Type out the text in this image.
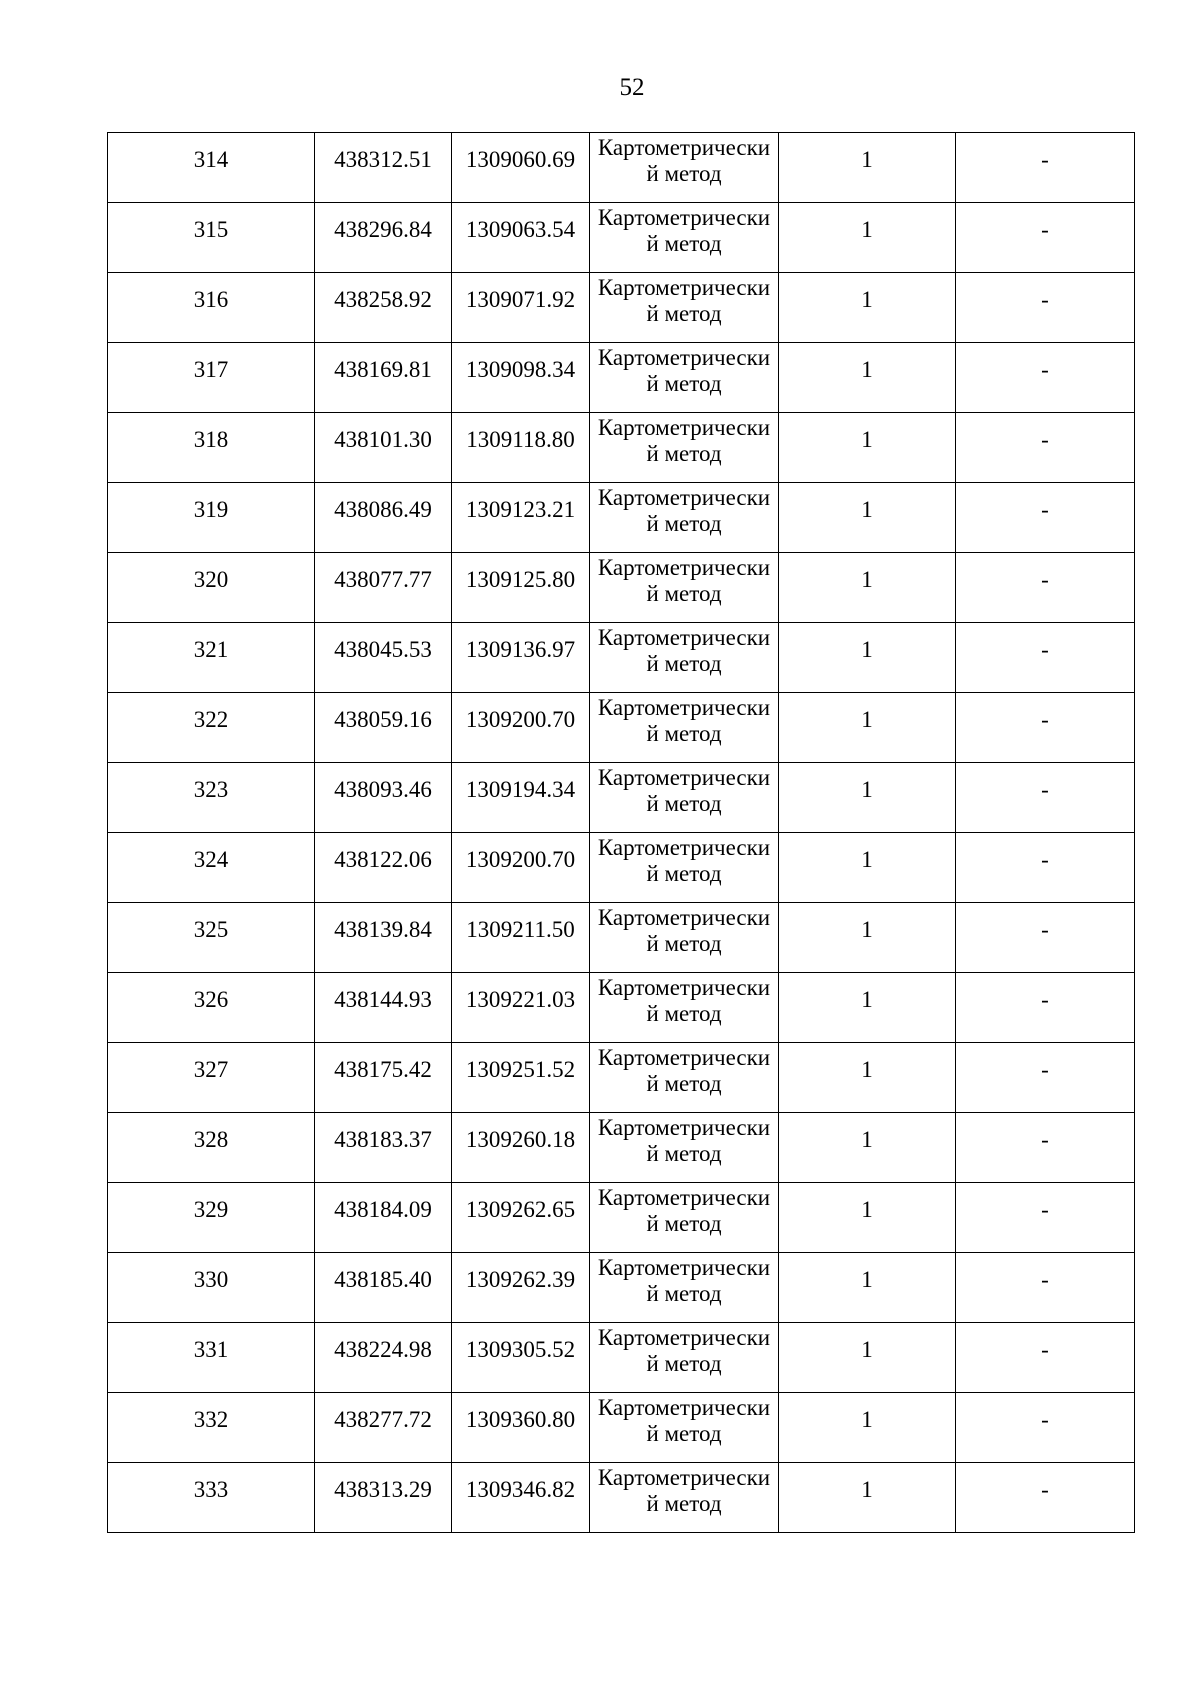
52
314	438312.51	1309060.69	Картометрически
й метод	1	-

315	438296.84	1309063.54	Картометрически
й метод	1	-

316	438258.92	1309071.92	Картометрически
й метод	1	-

317	438169.81	1309098.34	Картометрически
й метод	1	-

318	438101.30	1309118.80	Картометрически
й метод	1	-

319	438086.49	1309123.21	Картометрически
й метод	1	-

320	438077.77	1309125.80	Картометрически
й метод	1	-

321	438045.53	1309136.97	Картометрически
й метод	1	-

322	438059.16	1309200.70	Картометрически
й метод	1	-

323	438093.46	1309194.34	Картометрически
й метод	1	-

324	438122.06	1309200.70	Картометрически
й метод	1	-

325	438139.84	1309211.50	Картометрически
й метод	1	-

326	438144.93	1309221.03	Картометрически
й метод	1	-

327	438175.42	1309251.52	Картометрически
й метод	1	-

328	438183.37	1309260.18	Картометрически
й метод	1	-

329	438184.09	1309262.65	Картометрически
й метод	1	-

330	438185.40	1309262.39	Картометрически
й метод	1	-

331	438224.98	1309305.52	Картометрически
й метод	1	-

332	438277.72	1309360.80	Картометрически
й метод	1	-

333	438313.29	1309346.82	Картометрически
й метод	1	-
